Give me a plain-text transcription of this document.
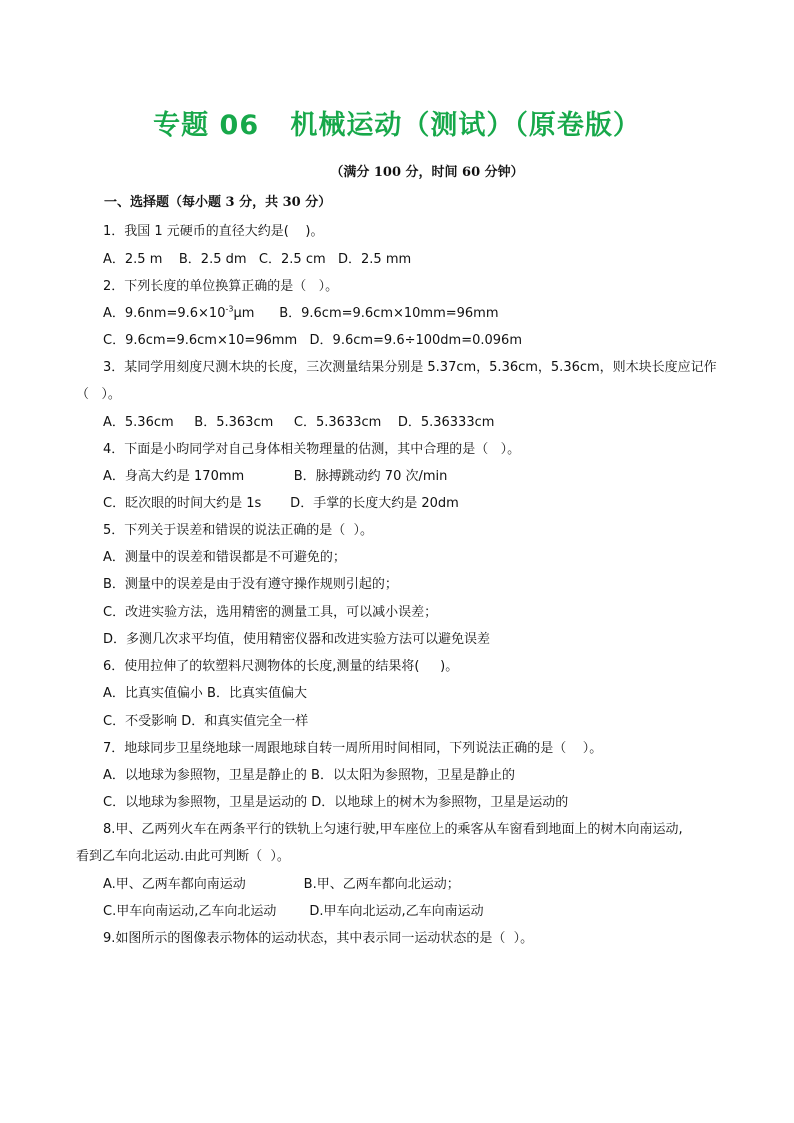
专题 06   机械运动（测试）（原卷版）
（满分 100 分，时间 60 分钟）
一、选择题（每小题 3 分，共 30 分）
1．我国 1 元硬币的直径大约是(    )。
A．2.5 m    B．2.5 dm   C．2.5 cm   D．2.5 mm
2．下列长度的单位换算正确的是（   ）。
A．$9.6nm=9.6\times 10^{-3}\mu m$      B．9.6cm=9.6cm×10mm=96mm
C．9.6cm=9.6cm×10=96mm   D．9.6cm=9.6÷100dm=0.096m
3．某同学用刻度尺测木块的长度，三次测量结果分别是 5.37cm，5.36cm，5.36cm，则木块长度应记作
（   ）。
A．5.36cm     B．5.363cm     C．5.3633cm    D．5.36333cm
4．下面是小昀同学对自己身体相关物理量的估测，其中合理的是（   ）。
A．身高大约是 170mm            B．脉搏跳动约 70 次/min
C．眨次眼的时间大约是 1s       D．手掌的长度大约是 20dm
5．下列关于误差和错误的说法正确的是（  ）。
A．测量中的误差和错误都是不可避免的；
B．测量中的误差是由于没有遵守操作规则引起的；
C．改进实验方法，选用精密的测量工具，可以减小误差；
D．多测几次求平均值，使用精密仪器和改进实验方法可以避免误差
6．使用拉伸了的软塑料尺测物体的长度,测量的结果将(     )。
A．比真实值偏小 B．比真实值偏大
C．不受影响 D．和真实值完全一样
7．地球同步卫星绕地球一周跟地球自转一周所用时间相同，下列说法正确的是（    ）。
A．以地球为参照物，卫星是静止的 B．以太阳为参照物，卫星是静止的
C．以地球为参照物，卫星是运动的 D．以地球上的树木为参照物，卫星是运动的
8.甲、乙两列火车在两条平行的铁轨上匀速行驶,甲车座位上的乘客从车窗看到地面上的树木向南运动,
看到乙车向北运动.由此可判断（  ）。
A.甲、乙两车都向南运动              B.甲、乙两车都向北运动；
C.甲车向南运动,乙车向北运动        D.甲车向北运动,乙车向南运动
9.如图所示的图像表示物体的运动状态，其中表示同一运动状态的是（  ）。
